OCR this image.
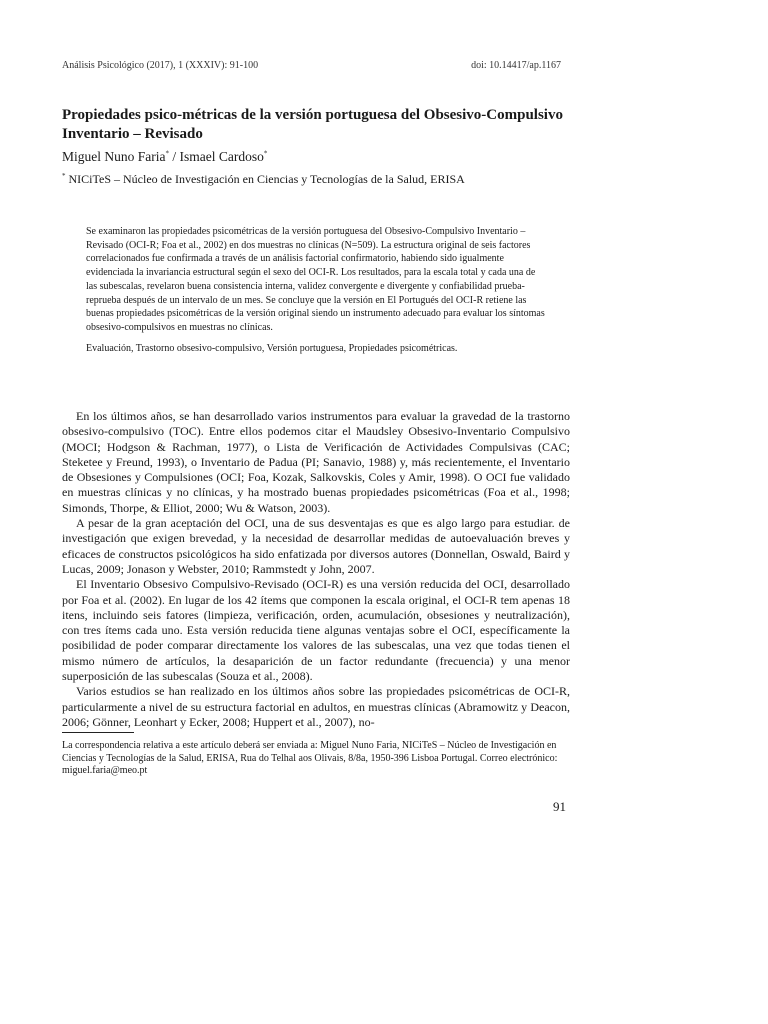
Análisis Psicológico (2017), 1 (XXXIV): 91-100	doi: 10.14417/ap.1167
Propiedades psico-métricas de la versión portuguesa del Obsesivo-Compulsivo Inventario – Revisado
Miguel Nuno Faria* / Ismael Cardoso*
* NICiTeS – Núcleo de Investigación en Ciencias y Tecnologías de la Salud, ERISA
Se examinaron las propiedades psicométricas de la versión portuguesa del Obsesivo-Compulsivo Inventario – Revisado (OCI-R; Foa et al., 2002) en dos muestras no clínicas (N=509). La estructura original de seis factores correlacionados fue confirmada a través de un análisis factorial confirmatorio, habiendo sido igualmente evidenciada la invariancia estructural según el sexo del OCI-R. Los resultados, para la escala total y cada una de las subescalas, revelaron buena consistencia interna, validez convergente e divergente y confiabilidad prueba-reprueba después de un intervalo de un mes. Se concluye que la versión en El Portugués del OCI-R retiene las buenas propiedades psicométricas de la versión original siendo un instrumento adecuado para evaluar los síntomas obsesivo-compulsivos en muestras no clínicas.
Evaluación, Trastorno obsesivo-compulsivo, Versión portuguesa, Propiedades psicométricas.

En los últimos años, se han desarrollado varios instrumentos para evaluar la gravedad de la trastorno obsesivo-compulsivo (TOC). Entre ellos podemos citar el Maudsley Obsesivo-Inventario Compulsivo (MOCI; Hodgson & Rachman, 1977), o Lista de Verificación de Actividades Compulsivas (CAC; Steketee y Freund, 1993), o Inventario de Padua (PI; Sanavio, 1988) y, más recientemente, el Inventario de Obsesiones y Compulsiones (OCI; Foa, Kozak, Salkovskis, Coles y Amir, 1998). O OCI fue validado en muestras clínicas y no clínicas, y ha mostrado buenas propiedades psicométricas (Foa et al., 1998; Simonds, Thorpe, & Elliot, 2000; Wu & Watson, 2003).

A pesar de la gran aceptación del OCI, una de sus desventajas es que es algo largo para estudiar. de investigación que exigen brevedad, y la necesidad de desarrollar medidas de autoevaluación breves y eficaces de constructos psicológicos ha sido enfatizada por diversos autores (Donnellan, Oswald, Baird y Lucas, 2009; Jonason y Webster, 2010; Rammstedt y John, 2007.

El Inventario Obsesivo Compulsivo-Revisado (OCI-R) es una versión reducida del OCI, desarrollado por Foa et al. (2002). En lugar de los 42 ítems que componen la escala original, el OCI-R tem apenas 18 itens, incluindo seis fatores (limpieza, verificación, orden, acumulación, obsesiones y neutralización), con tres ítems cada uno. Esta versión reducida tiene algunas ventajas sobre el OCI, específicamente la posibilidad de poder comparar directamente los valores de las subescalas, una vez que todas tienen el mismo número de artículos, la desaparición de un factor redundante (frecuencia) y una menor superposición de las subescalas (Souza et al., 2008).

Varios estudios se han realizado en los últimos años sobre las propiedades psicométricas de OCI-R, particularmente a nivel de su estructura factorial en adultos, en muestras clínicas (Abramowitz y Deacon, 2006; Gönner, Leonhart y Ecker, 2008; Huppert et al., 2007), no-

La correspondencia relativa a este artículo deberá ser enviada a: Miguel Nuno Faria, NICiTeS – Núcleo de Investigación en Ciencias y Tecnologías de la Salud, ERISA, Rua do Telhal aos Olivais, 8/8a, 1950-396 Lisboa Portugal. Correo electrónico: miguel.faria@meo.pt
91
